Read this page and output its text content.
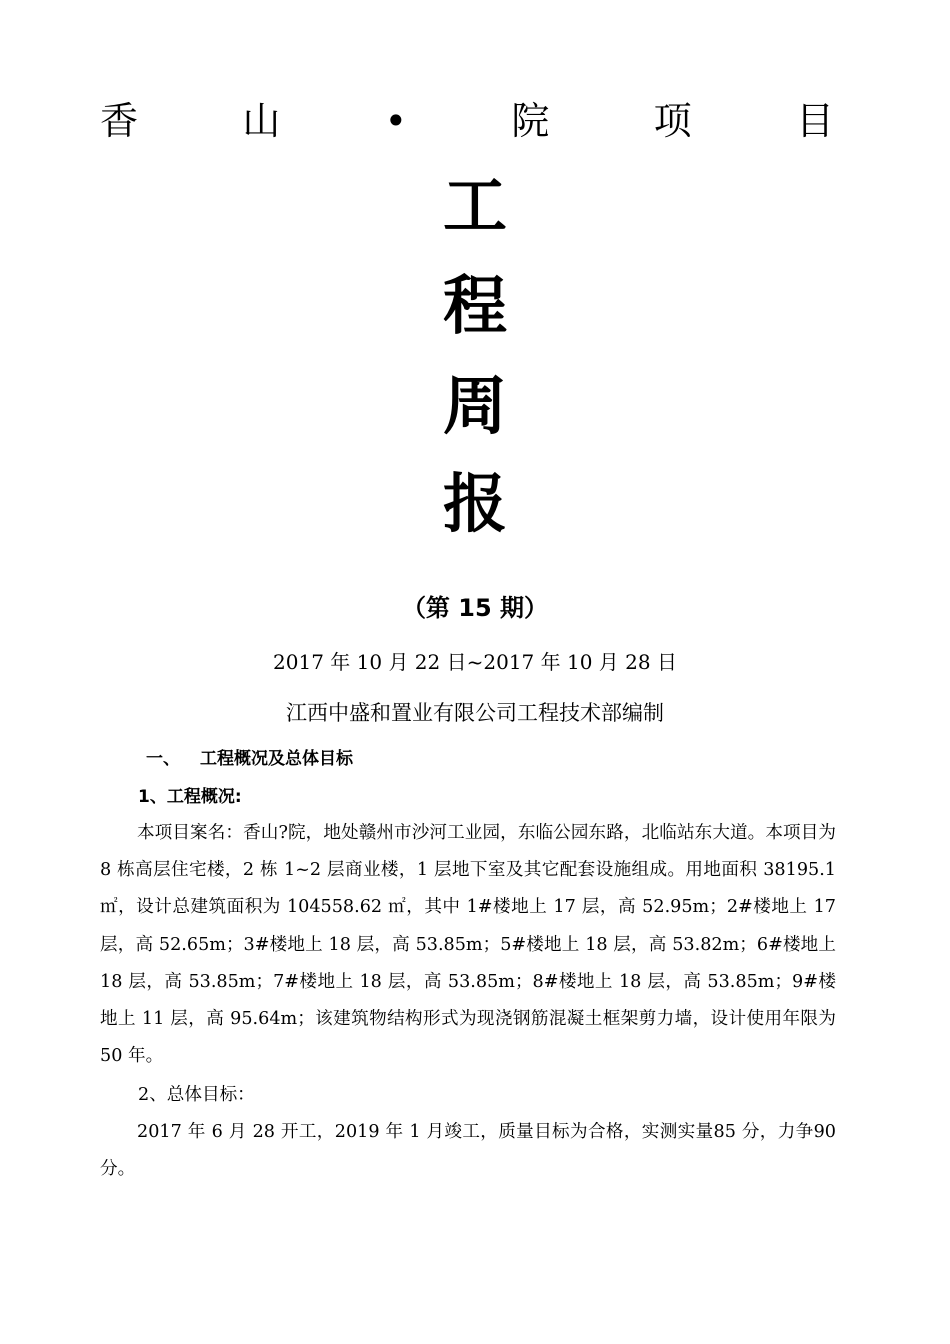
香	山	•	院	项	目
工
程
周
报
（第 15 期）
2017 年 10 月 22 日~2017 年 10 月 28 日
江西中盛和置业有限公司工程技术部编制
一、 工程概况及总体目标
1、工程概况:
本项目案名：香山?院，地处赣州市沙河工业园，东临公园东路，北临站东大道。本项目为 8 栋高层住宅楼，2 栋 1~2 层商业楼，1 层地下室及其它配套设施组成。用地面积 38195.1 ㎡，设计总建筑面积为 104558.62 ㎡，其中 1#楼地上 17 层，高 52.95m；2#楼地上 17 层，高 52.65m；3#楼地上 18 层，高 53.85m；5#楼地上 18 层，高 53.82m；6#楼地上 18 层，高 53.85m；7#楼地上 18 层，高 53.85m；8#楼地上 18 层，高 53.85m；9#楼地上 11 层，高 95.64m；该建筑物结构形式为现浇钢筋混凝土框架剪力墙，设计使用年限为 50 年。
2、总体目标：
2017 年 6 月 28 开工，2019 年 1 月竣工，质量目标为合格，实测实量85 分，力争90 分。
